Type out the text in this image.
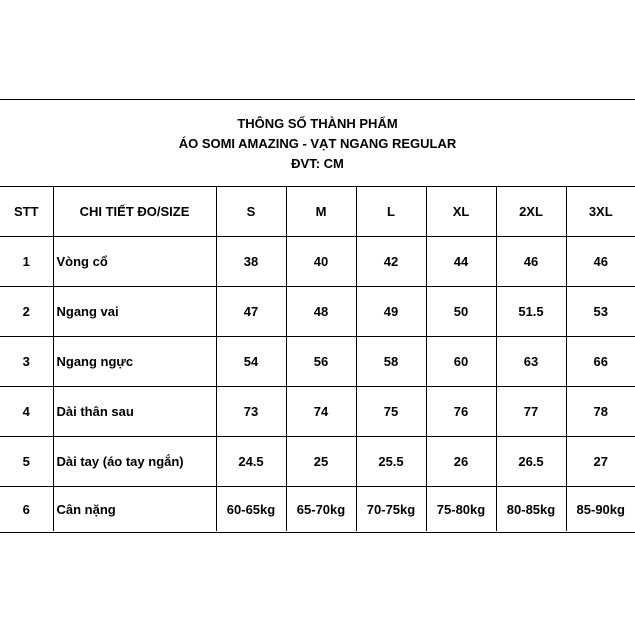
THÔNG SỐ THÀNH PHẨM
ÁO SOMI AMAZING - VẠT NGANG REGULAR
ĐVT: CM
STT	CHI TIẾT ĐO/SIZE	S	M	L	XL	2XL	3XL
1	Vòng cổ	38	40	42	44	46	46
2	Ngang vai	47	48	49	50	51.5	53
3	Ngang ngực	54	56	58	60	63	66
4	Dài thân sau	73	74	75	76	77	78
5	Dài tay (áo tay ngắn)	24.5	25	25.5	26	26.5	27
6	Cân nặng	60-65kg	65-70kg	70-75kg	75-80kg	80-85kg	85-90kg
